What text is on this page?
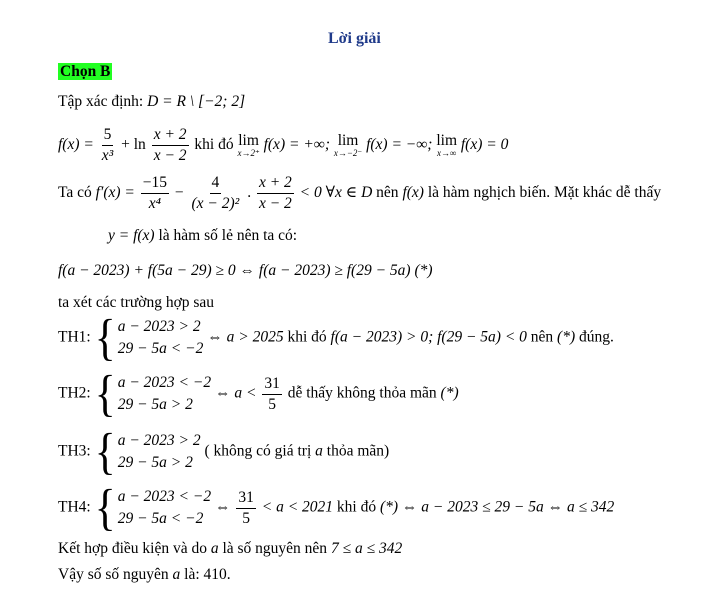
Lời giải
Chọn B
Tập xác định: D = R \ [−2; 2]
$f(x) = \frac{5}{\text{x³}} + \ln \frac{x + 2}{x - 2}$ khi đó lim
x→2⁺
f(x) = +∞; lim
x→−2⁻
f(x) = −∞; lim
x→∞
f(x) = 0
Ta có $f'(x) = \frac{-15}{\text{x⁴}} - \frac{4}{\text{(x − 2)²}}$ . $\frac{x + 2}{x - 2} < 0$ ∀x ∈ D nên f(x) là hàm nghịch biến. Mặt khác dễ thấy
y = f(x) là hàm số lẻ nên ta có:
f(a − 2023) + f(5a − 29) ≥ 0 ⇔ f(a − 2023) ≥ f(29 − 5a) (*)
ta xét các trường hợp sau
TH1: { a − 2023 > 2
29 − 5a < −2
⇔ a > 2025 khi đó f(a − 2023) > 0; f(29 − 5a) < 0 nên (*) đúng.
TH2: { a − 2023 < −2
29 − 5a > 2
⇔ $a < \frac{31}{5}$ dễ thấy không thỏa mãn (*)
TH3: { a − 2023 > 2
29 − 5a > 2
( không có giá trị a thỏa mãn)
TH4: { a − 2023 < −2
29 − 5a < −2
⇔ $\frac{31}{5} < a < 2021$ khi đó (*) ⇔ a − 2023 ≤ 29 − 5a ⇔ a ≤ 342
Kết hợp điều kiện và do a là số nguyên nên 7 ≤ a ≤ 342
Vậy số số nguyên a là: 410.
